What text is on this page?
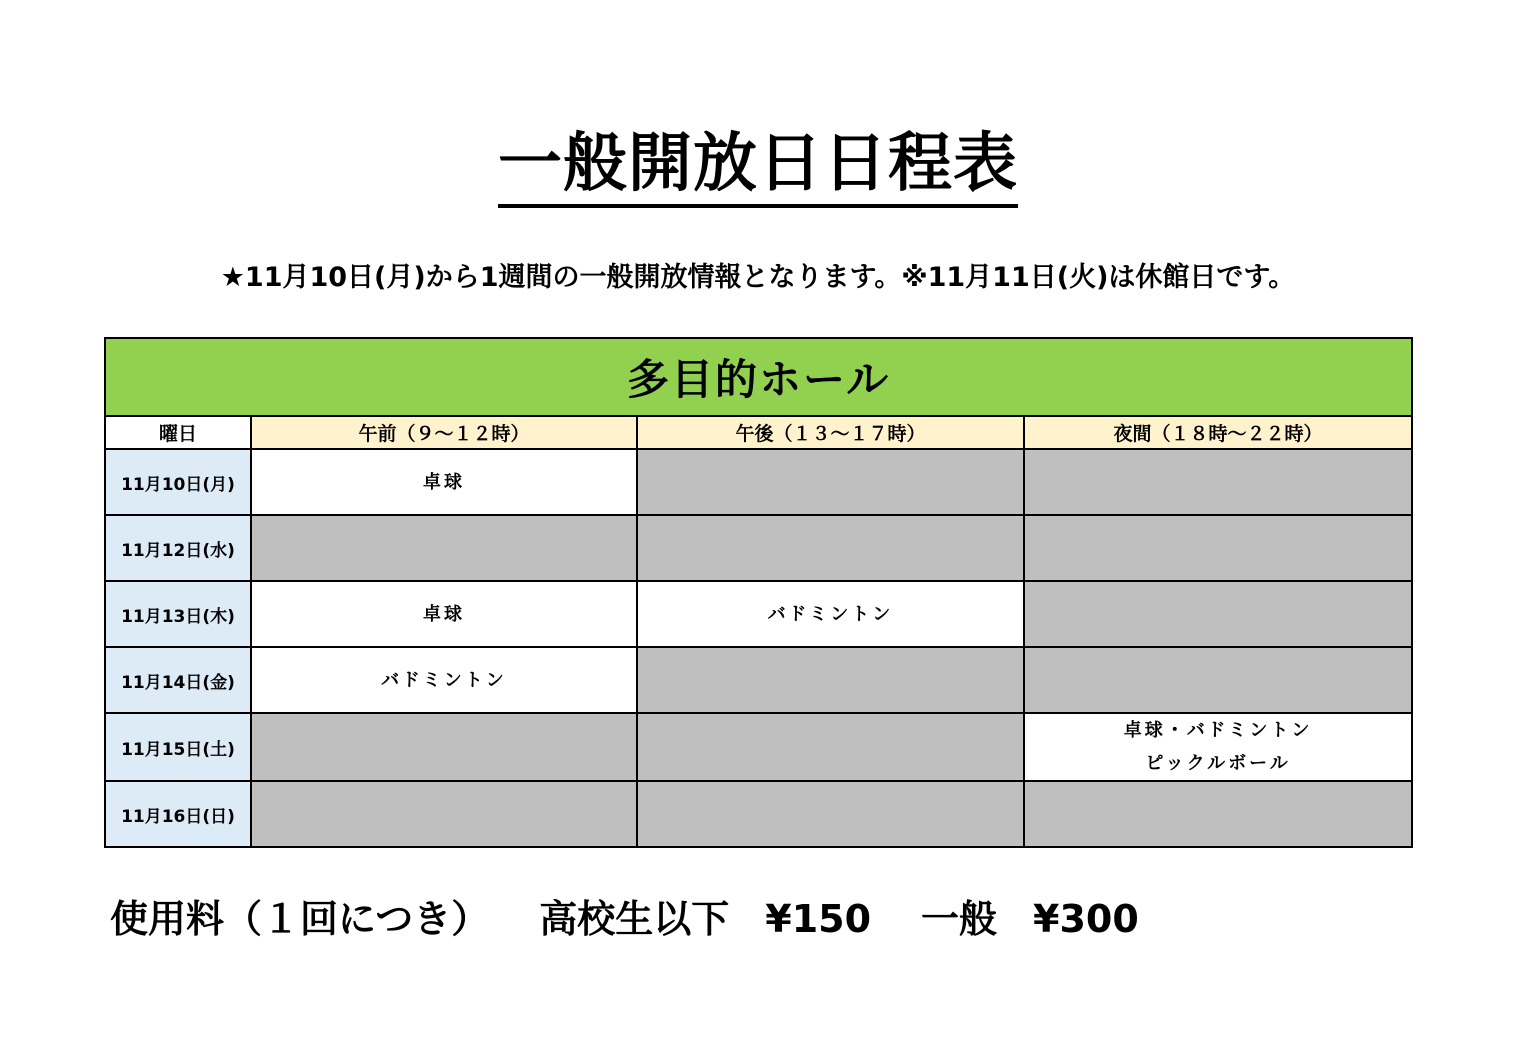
一般開放日日程表
★11月10日(月)から1週間の一般開放情報となります。※11月11日(火)は休館日です。
多目的ホール			
曜日	午前（９～１２時）	午後（１３～１７時）	夜間（１８時～２２時）
11月10日(月)	卓球		

11月12日(水)			
11月13日(木)	卓球	バドミントン	

11月14日(金)	バドミントン		

11月15日(土)			卓球・バドミントン
ピックルボール

11月16日(日)			
使用料（１回につき） 高校生以下 ¥150 一般 ¥300
